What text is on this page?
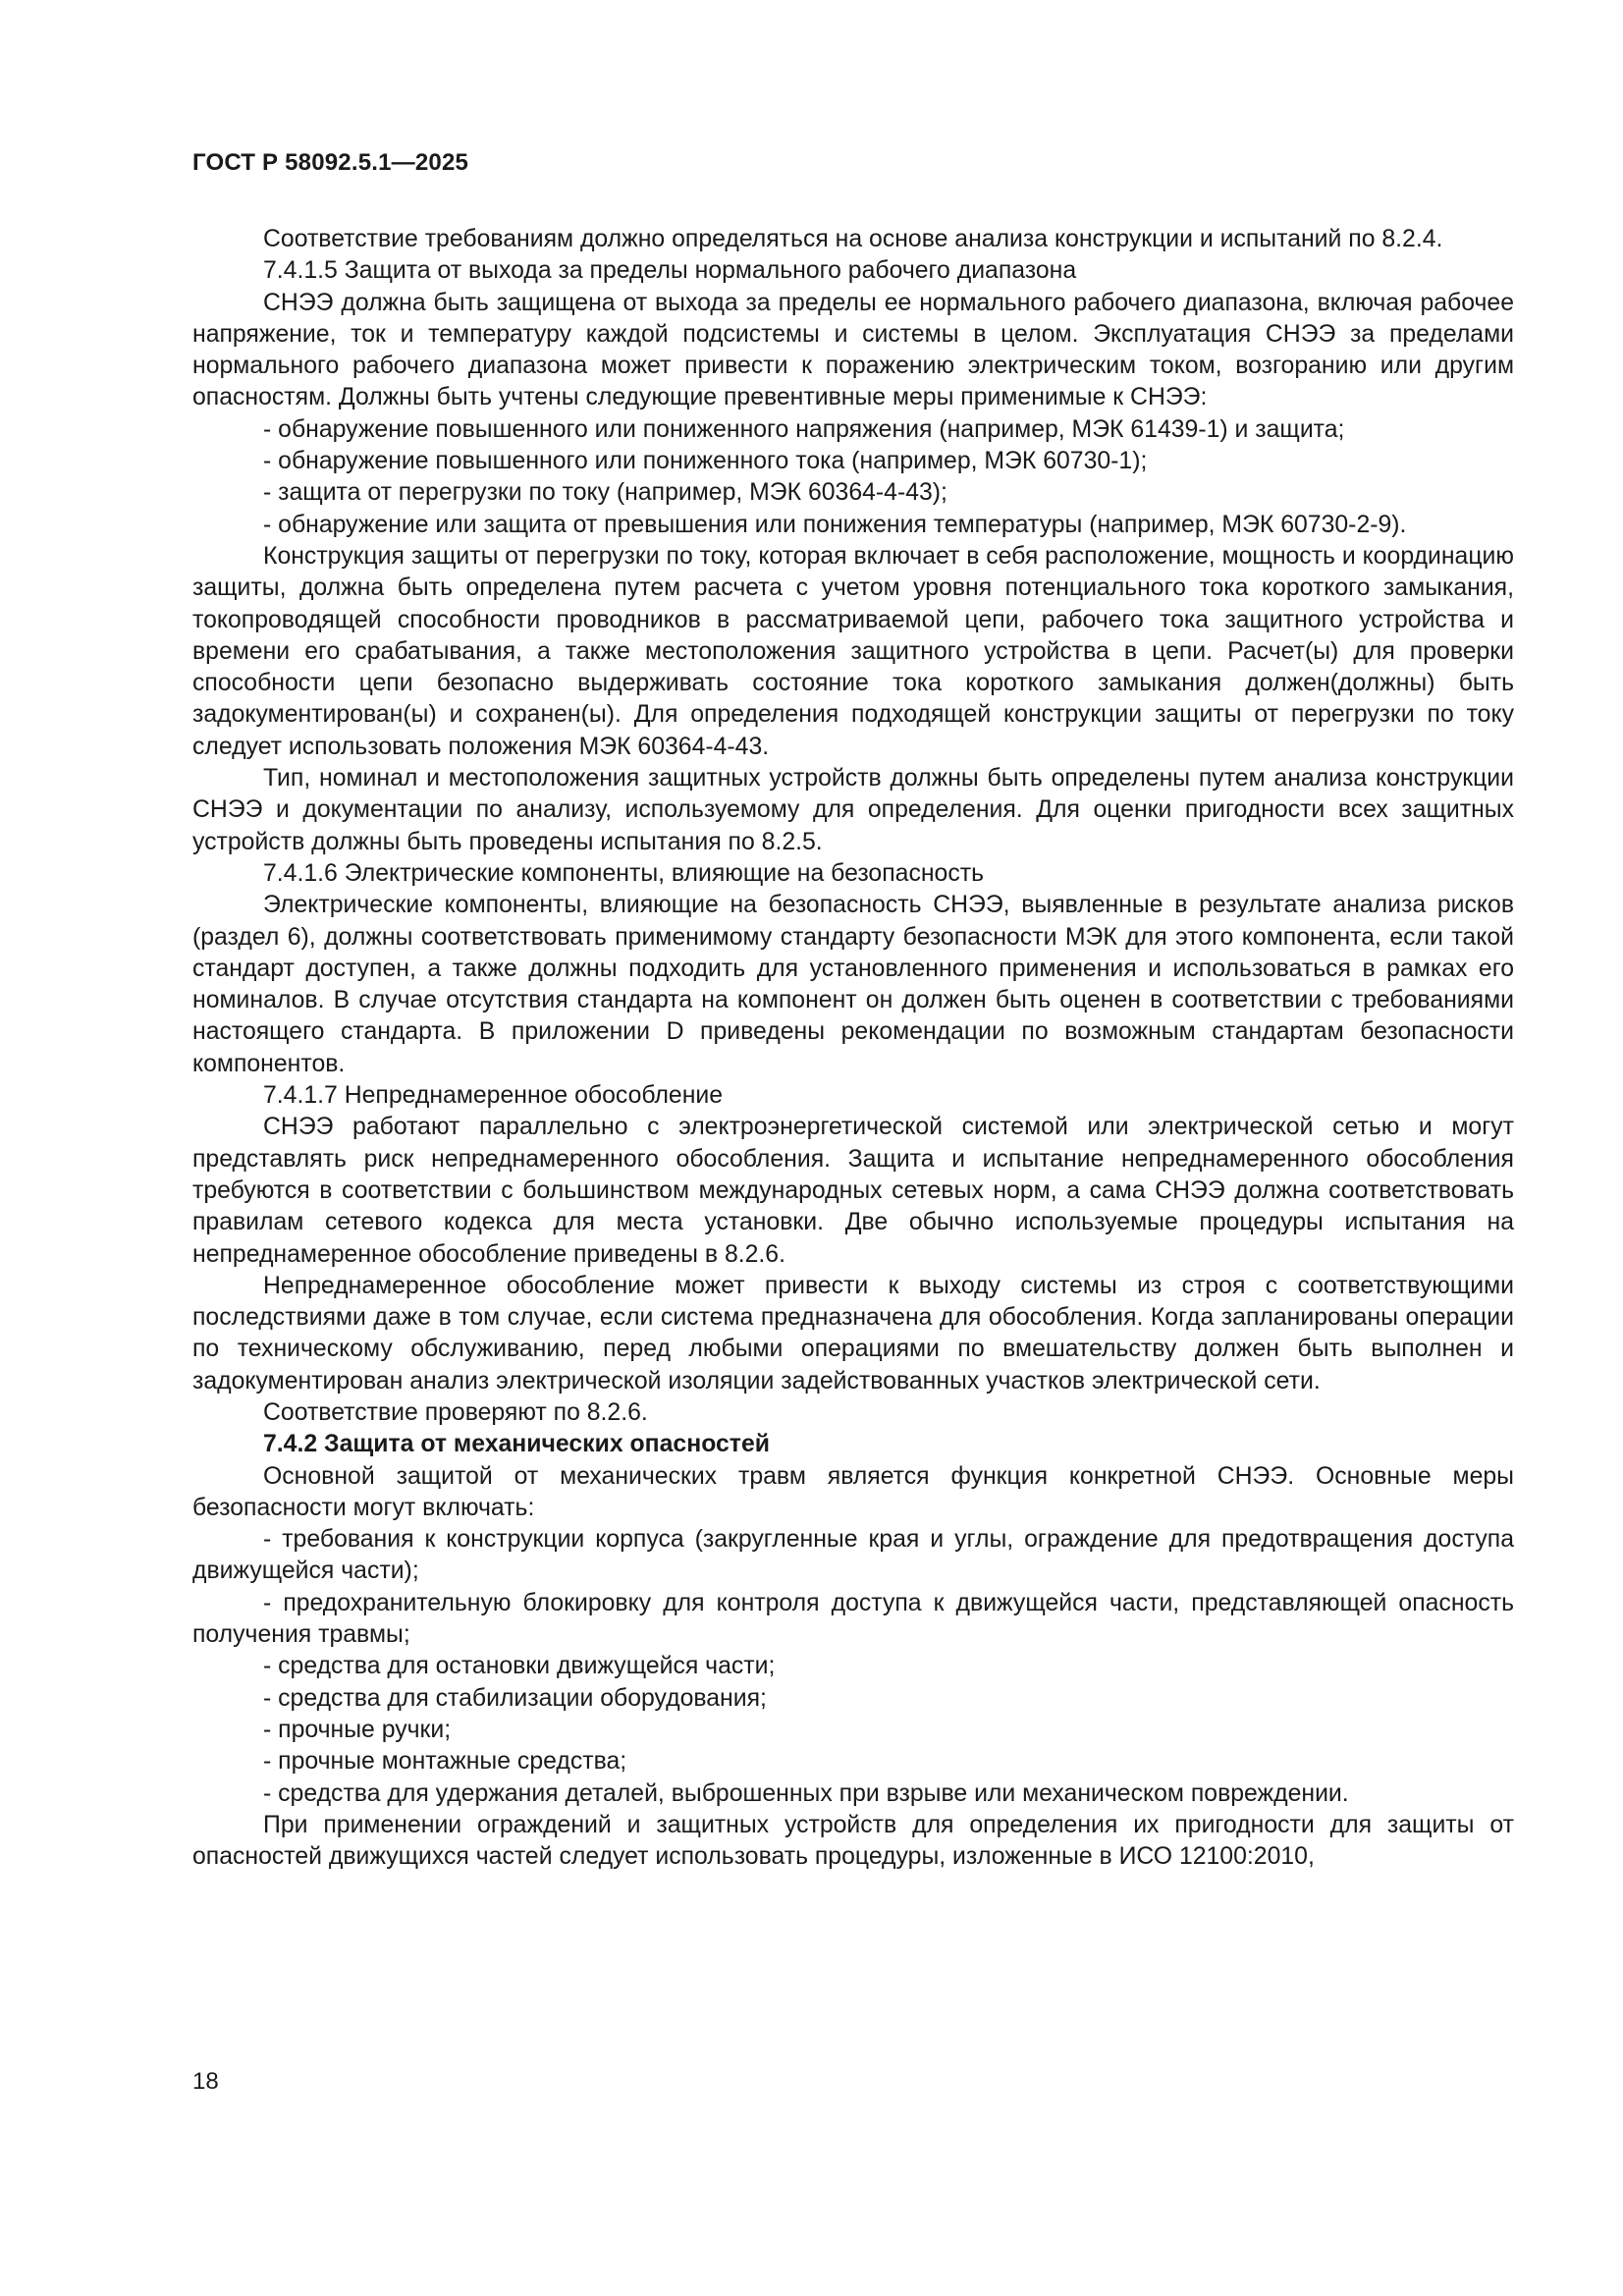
ГОСТ Р 58092.5.1—2025

Соответствие требованиям должно определяться на основе анализа конструкции и испытаний по 8.2.4.

7.4.1.5 Защита от выхода за пределы нормального рабочего диапазона

СНЭЭ должна быть защищена от выхода за пределы ее нормального рабочего диапазона, включая рабочее напряжение, ток и температуру каждой подсистемы и системы в целом. Эксплуатация СНЭЭ за пределами нормального рабочего диапазона может привести к поражению электрическим током, возгоранию или другим опасностям. Должны быть учтены следующие превентивные меры применимые к СНЭЭ:

- обнаружение повышенного или пониженного напряжения (например, МЭК 61439-1) и защита;

- обнаружение повышенного или пониженного тока (например, МЭК 60730-1);

- защита от перегрузки по току (например, МЭК 60364-4-43);

- обнаружение или защита от превышения или понижения температуры (например, МЭК 60730-2-9).

Конструкция защиты от перегрузки по току, которая включает в себя расположение, мощность и координацию защиты, должна быть определена путем расчета с учетом уровня потенциального тока короткого замыкания, токопроводящей способности проводников в рассматриваемой цепи, рабочего тока защитного устройства и времени его срабатывания, а также местоположения защитного устройства в цепи. Расчет(ы) для проверки способности цепи безопасно выдерживать состояние тока короткого замыкания должен(должны) быть задокументирован(ы) и сохранен(ы). Для определения подходящей конструкции защиты от перегрузки по току следует использовать положения МЭК 60364-4-43.

Тип, номинал и местоположения защитных устройств должны быть определены путем анализа конструкции СНЭЭ и документации по анализу, используемому для определения. Для оценки пригодности всех защитных устройств должны быть проведены испытания по 8.2.5.

7.4.1.6 Электрические компоненты, влияющие на безопасность

Электрические компоненты, влияющие на безопасность СНЭЭ, выявленные в результате анализа рисков (раздел 6), должны соответствовать применимому стандарту безопасности МЭК для этого компонента, если такой стандарт доступен, а также должны подходить для установленного применения и использоваться в рамках его номиналов. В случае отсутствия стандарта на компонент он должен быть оценен в соответствии с требованиями настоящего стандарта. В приложении D приведены рекомендации по возможным стандартам безопасности компонентов.

7.4.1.7 Непреднамеренное обособление

СНЭЭ работают параллельно с электроэнергетической системой или электрической сетью и могут представлять риск непреднамеренного обособления. Защита и испытание непреднамеренного обособления требуются в соответствии с большинством международных сетевых норм, а сама СНЭЭ должна соответствовать правилам сетевого кодекса для места установки. Две обычно используемые процедуры испытания на непреднамеренное обособление приведены в 8.2.6.

Непреднамеренное обособление может привести к выходу системы из строя с соответствующими последствиями даже в том случае, если система предназначена для обособления. Когда запланированы операции по техническому обслуживанию, перед любыми операциями по вмешательству должен быть выполнен и задокументирован анализ электрической изоляции задействованных участков электрической сети.

Соответствие проверяют по 8.2.6.

7.4.2 Защита от механических опасностей

Основной защитой от механических травм является функция конкретной СНЭЭ. Основные меры безопасности могут включать:

- требования к конструкции корпуса (закругленные края и углы, ограждение для предотвращения доступа движущейся части);

- предохранительную блокировку для контроля доступа к движущейся части, представляющей опасность получения травмы;

- средства для остановки движущейся части;

- средства для стабилизации оборудования;

- прочные ручки;

- прочные монтажные средства;

- средства для удержания деталей, выброшенных при взрыве или механическом повреждении.

При применении ограждений и защитных устройств для определения их пригодности для защиты от опасностей движущихся частей следует использовать процедуры, изложенные в ИСО 12100:2010,

18
